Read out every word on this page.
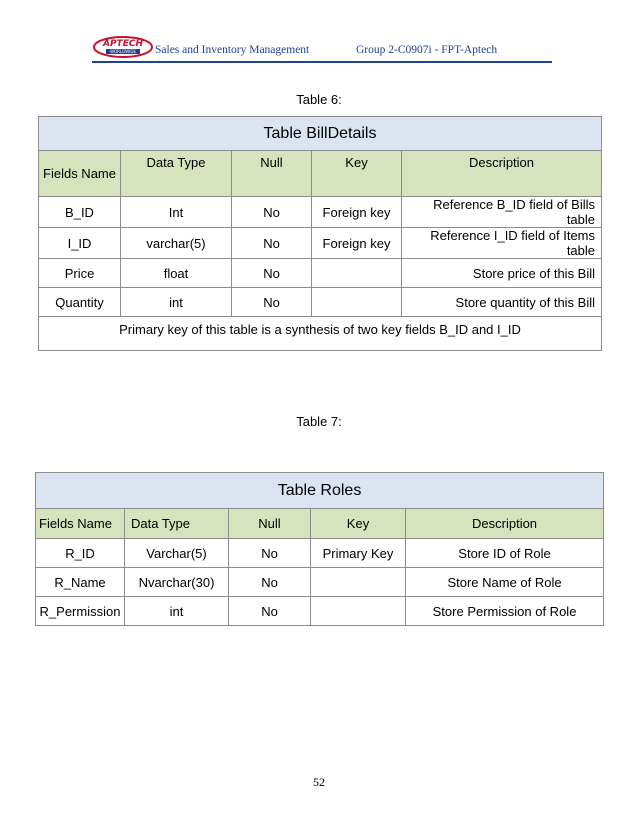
APTECH
WORLDWIDE Sales and Inventory Management	Group 2-C0907i - FPT-Aptech
Table 6:
Table BillDetails				
Fields Name	Data Type	Null	Key	Description
B_ID	Int	No	Foreign key	Reference B_ID field of Bills table
I_ID	varchar(5)	No	Foreign key	Reference I_ID field of Items table
Price	float	No		Store price of this Bill
Quantity	int	No		Store quantity of this Bill
Primary key of this table is a synthesis of two key fields B_ID and I_ID				
Table 7:
Table Roles				
Fields Name	Data Type	Null	Key	Description
R_ID	Varchar(5)	No	Primary Key	Store ID of Role
R_Name	Nvarchar(30)	No		Store Name of Role
R_Permission	int	No		Store Permission of Role
52
